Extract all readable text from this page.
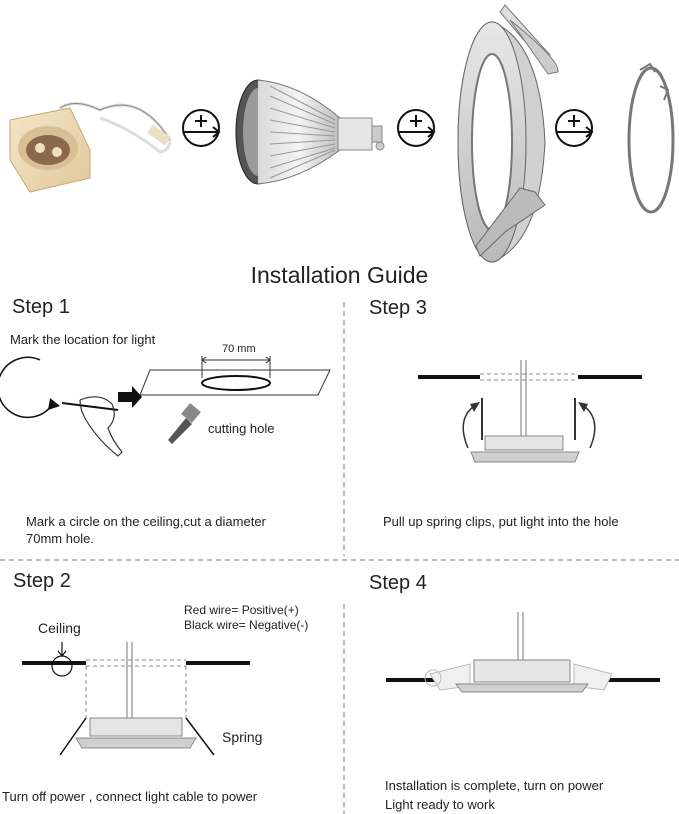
Installation Guide
Step 1
Mark the location for light
70 mm
cutting hole
Mark a circle on the ceiling,cut a diameter
70mm hole.
Step 3
Pull up spring clips, put light into the hole
Step 2
Ceiling
Red wire= Positive(+)
Black wire= Negative(-)
Spring
Turn off power , connect light cable to power
Step 4
Installation is complete, turn on power
Light ready to work
